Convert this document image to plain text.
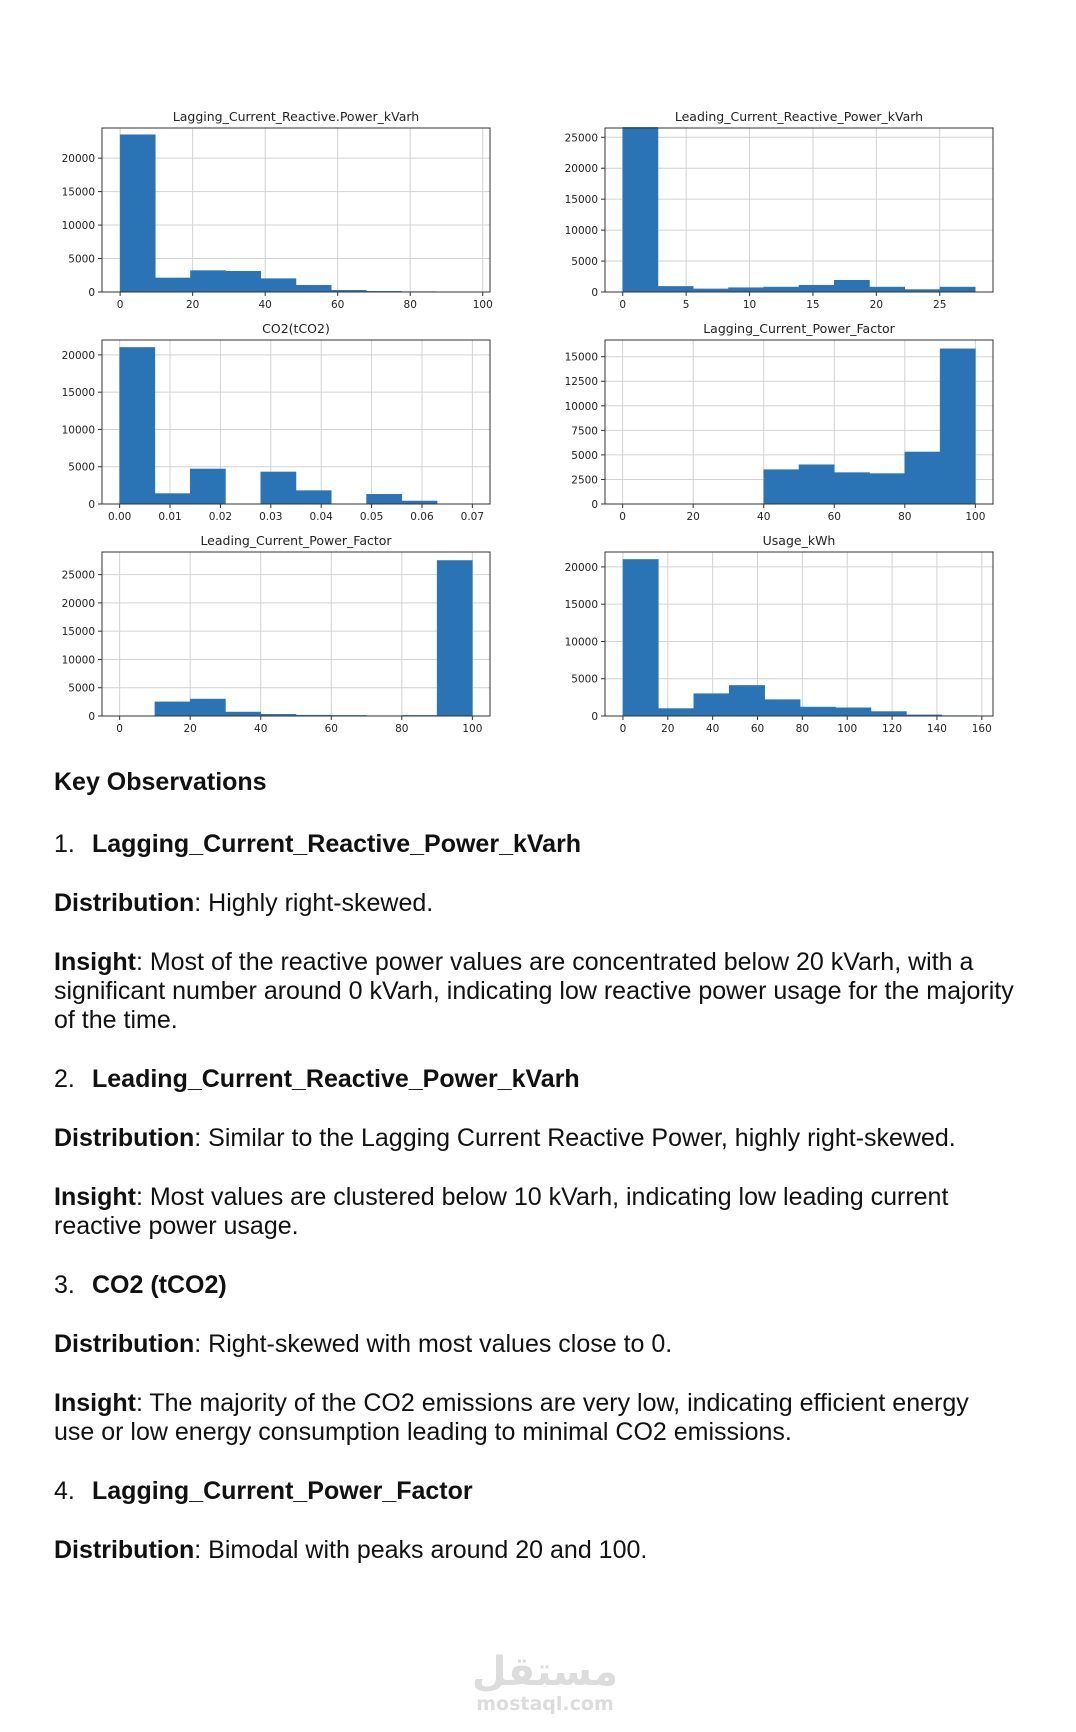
0	20	40	60	80	100
0
5000
10000
15000
20000
Lagging_Current_Reactive.Power_kVarh
0	5	10	15	20	25
0
5000
10000
15000
20000
25000
Leading_Current_Reactive_Power_kVarh
0.00	0.01	0.02	0.03	0.04	0.05	0.06	0.07
0
5000
10000
15000
20000
CO2(tCO2)
0	20	40	60	80	100
0
2500
5000
7500
10000
12500
15000
Lagging_Current_Power_Factor
0	20	40	60	80	100
0
5000
10000
15000
20000
25000
Leading_Current_Power_Factor
0	20	40	60	80	100 120 140 160
0
5000
10000
15000
20000
Usage_kWh

Key Observations

1. Lagging_Current_Reactive_Power_kVarh

Distribution: Highly right-skewed.

Insight: Most of the reactive power values are concentrated below 20 kVarh, with a significant number around 0 kVarh, indicating low reactive power usage for the majority of the time.

2. Leading_Current_Reactive_Power_kVarh

Distribution: Similar to the Lagging Current Reactive Power, highly right-skewed.

Insight: Most values are clustered below 10 kVarh, indicating low leading current reactive power usage.

3. CO2 (tCO2)

Distribution: Right-skewed with most values close to 0.

Insight: The majority of the CO2 emissions are very low, indicating efficient energy use or low energy consumption leading to minimal CO2 emissions.

4. Lagging_Current_Power_Factor

Distribution: Bimodal with peaks around 20 and 100.

مستقل
mostaql.com
